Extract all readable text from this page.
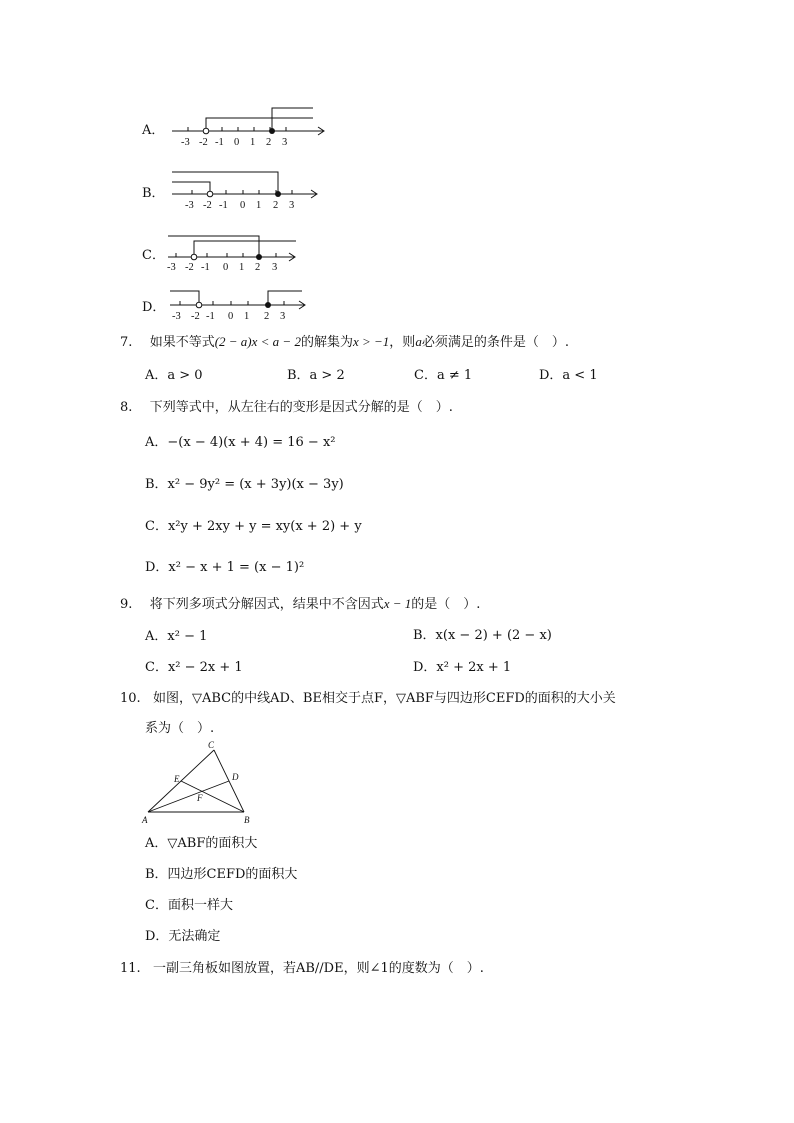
A．
-3 -2 -1 0 1 2 3
B．
-3 -2 -1 0 1 2 3
C．
-3 -2 -1 0 1 2 3
D．
-3 -2 -1 0 1 2 3
7. 如果不等式(2 − a)x < a − 2的解集为x > −1，则a必须满足的条件是（　）.
A．a > 0	B．a > 2	C．a ≠ 1	D．a < 1
8. 下列等式中，从左往右的变形是因式分解的是（　）.
A．−(x − 4)(x + 4) = 16 − x²
B．x² − 9y² = (x + 3y)(x − 3y)
C．x²y + 2xy + y = xy(x + 2) + y
D．x² − x + 1 = (x − 1)²
9. 将下列多项式分解因式，结果中不含因式x − 1的是（　）.
A．x² − 1	B．x(x − 2) + (2 − x)
C．x² − 2x + 1	D．x² + 2x + 1
10. 如图，▽ABC的中线AD、BE相交于点F，▽ABF与四边形CEFD的面积的大小关
系为（　）.
C
E	D
F
A	B
A．▽ABF的面积大
B．四边形CEFD的面积大
C．面积一样大
D．无法确定
11. 一副三角板如图放置，若AB//DE，则∠1的度数为（　）.
